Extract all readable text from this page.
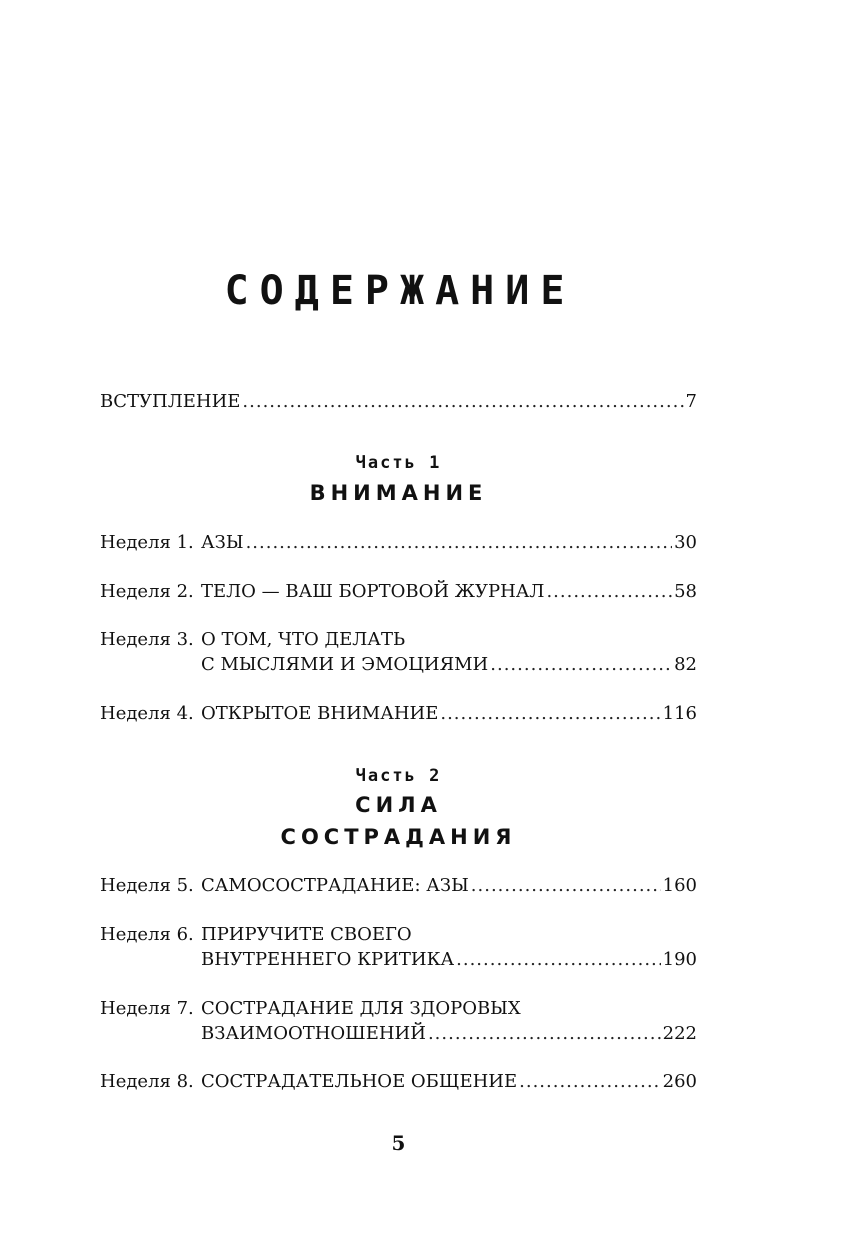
СОДЕРЖАНИЕ
ВСТУПЛЕНИЕ .....	7
Часть 1
ВНИМАНИЕ
Неделя 1. АЗЫ .....	30
Неделя 2. ТЕЛО — ВАШ БОРТОВОЙ ЖУРНАЛ .....	58
Неделя 3. О ТОМ, ЧТО ДЕЛАТЬ
С МЫСЛЯМИ И ЭМОЦИЯМИ .....	82
Неделя 4. ОТКРЫТОЕ ВНИМАНИЕ .....	116
Часть 2
СИЛА
СОСТРАДАНИЯ
Неделя 5. САМОСОСТРАДАНИЕ: АЗЫ .....	160
Неделя 6. ПРИРУЧИТЕ СВОЕГО
ВНУТРЕННЕГО КРИТИКА .....	190
Неделя 7. СОСТРАДАНИЕ ДЛЯ ЗДОРОВЫХ
ВЗАИМООТНОШЕНИЙ .....	222
Неделя 8. СОСТРАДАТЕЛЬНОЕ ОБЩЕНИЕ .....	260
5
